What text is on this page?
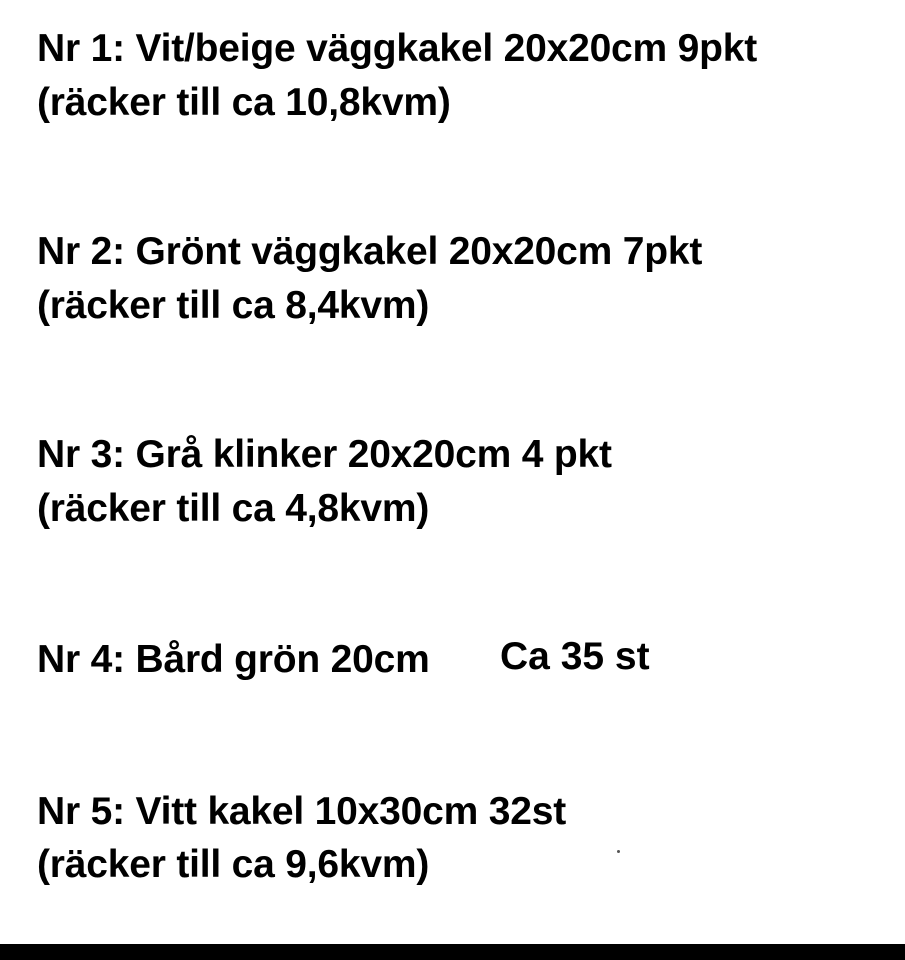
Nr 1: Vit/beige väggkakel 20x20cm 9pkt
(räcker till ca 10,8kvm)
Nr 2: Grönt väggkakel 20x20cm 7pkt
(räcker till ca 8,4kvm)
Nr 3: Grå klinker 20x20cm 4 pkt
(räcker till ca 4,8kvm)
Nr 4: Bård grön 20cm Ca 35 st
Nr 5: Vitt kakel 10x30cm 32st
(räcker till ca 9,6kvm)
